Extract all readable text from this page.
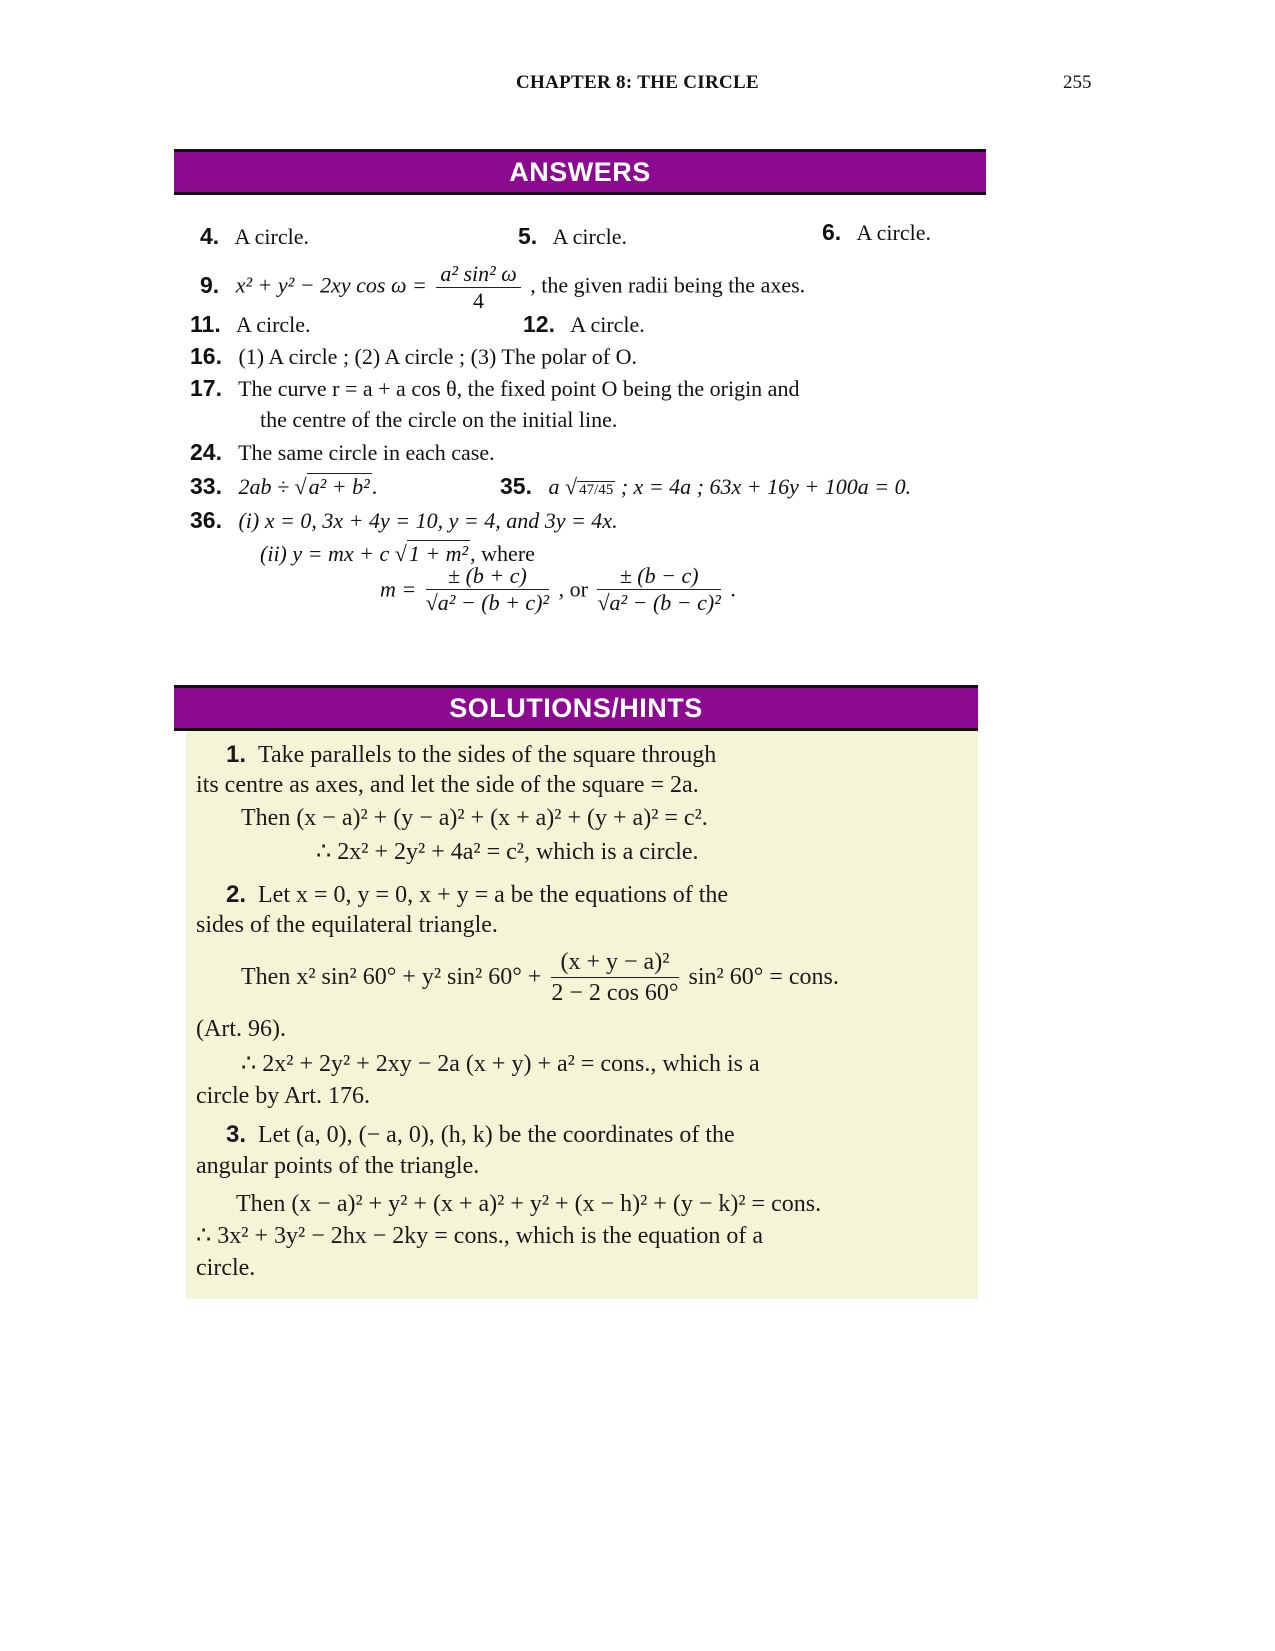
CHAPTER 8: THE CIRCLE	255
ANSWERS
4. A circle.	5. A circle.	6. A circle.
9. x² + y² − 2xy $\cos \omega = \frac{\text{a² sin² ω}}{4}$ , the given radii being the axes.
11. A circle.	12. A circle.
16. (1) A circle ; (2) A circle ; (3) The polar of O.
17. The curve r = a + a cos θ, the fixed point O being the origin and
the centre of the circle on the initial line.
24. The same circle in each case.
33. 2ab ÷ √a² + b².	35. a √ 47/45 ; x = 4a ; 63x + 16y + 100a = 0.
36. (i) x = 0, 3x + 4y = 10, y = 4, and 3y = 4x.
(ii) y = mx + c √1 + m², where
$m = \frac{\pm (b + c)}{\text{√a² − (b + c)²}}$ , or $\frac{\pm (b - c)}{\text{√a² − (b − c)²}}$ .
SOLUTIONS/HINTS
1. Take parallels to the sides of the square through
its centre as axes, and let the side of the square = 2a.
Then (x − a)² + (y − a)² + (x + a)² + (y + a)² = c².
∴ 2x² + 2y² + 4a² = c², which is a circle.
2. Let x = 0, y = 0, x + y = a be the equations of the
sides of the equilateral triangle.
Then x² sin² 60° + y² sin² $60^\circ + \frac{\text{(x + y − a)²}}{2 - 2 \cos 60^\circ} \sin^2$ 60° = cons.
(Art. 96).
∴ 2x² + 2y² + 2xy − 2a (x + y) + a² = cons., which is a
circle by Art. 176.
3. Let (a, 0), (− a, 0), (h, k) be the coordinates of the
angular points of the triangle.
Then (x − a)² + y² + (x + a)² + y² + (x − h)² + (y − k)² = cons.
∴ 3x² + 3y² − 2hx − 2ky = cons., which is the equation of a
circle.
